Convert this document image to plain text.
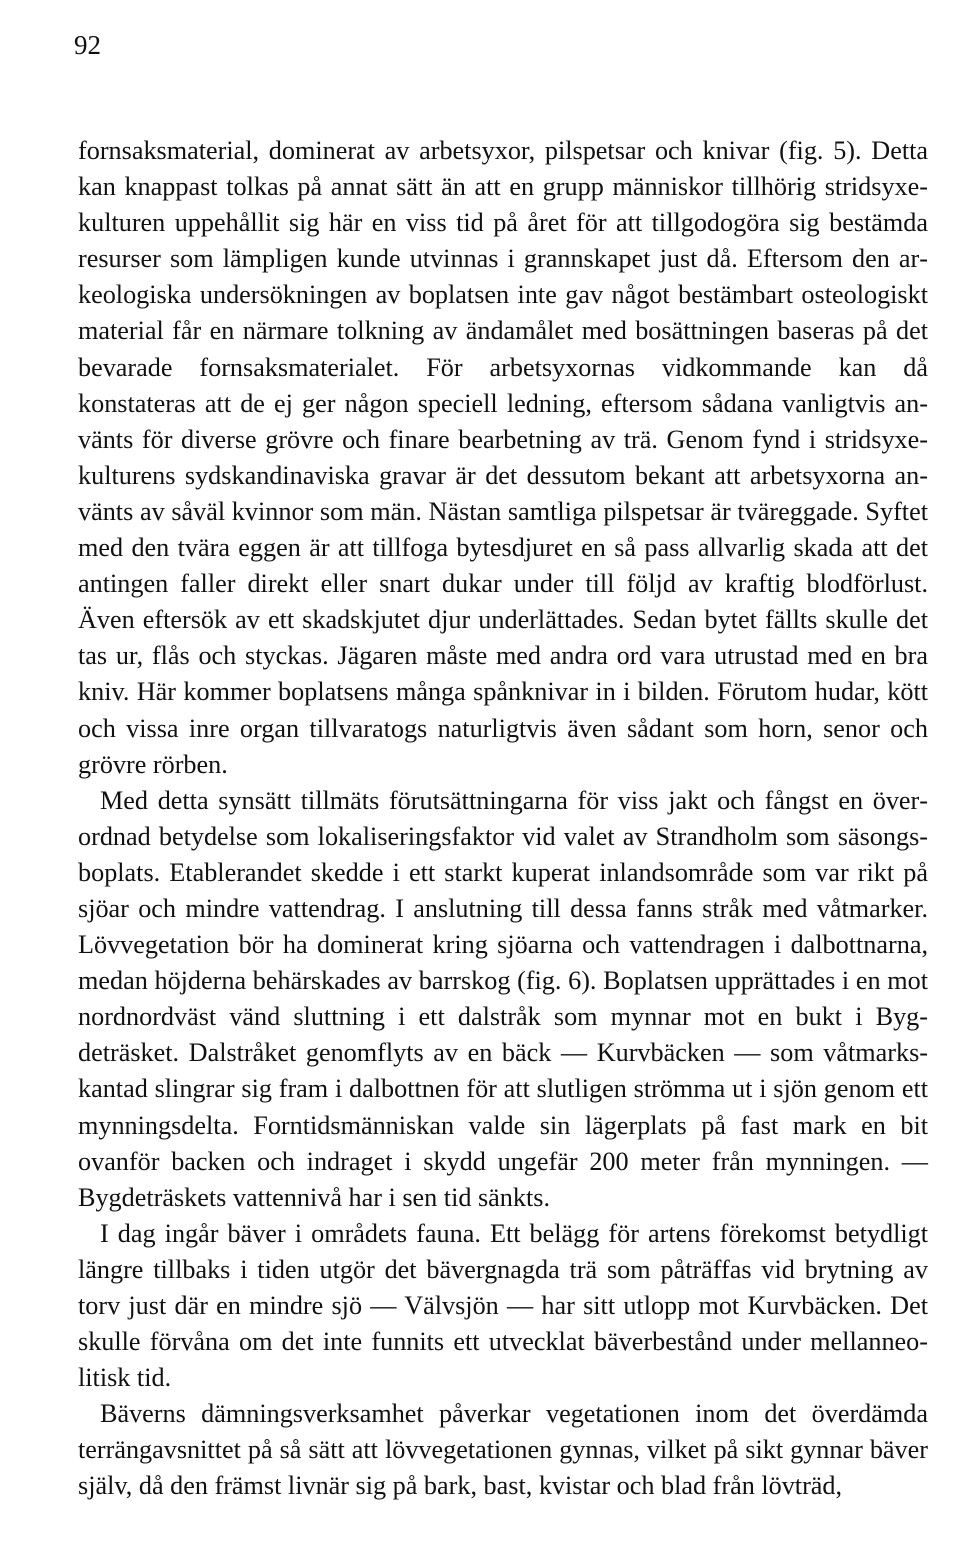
92

fornsaksmaterial, dominerat av arbetsyxor, pilspetsar och knivar (fig. 5). Detta kan knappast tolkas på annat sätt än att en grupp människor tillhörig stridsyxekulturen uppehållit sig här en viss tid på året för att tillgodogöra sig bestämda resurser som lämpligen kunde utvinnas i grannskapet just då. Eftersom den arkeologiska undersökningen av boplatsen inte gav något bestämbart osteologiskt material får en närmare tolkning av ändamålet med bosättningen baseras på det bevarade fornsaksmaterialet. För arbetsyxornas vidkommande kan då konstateras att de ej ger någon speciell ledning, eftersom sådana vanligtvis använts för diverse grövre och finare bearbetning av trä. Genom fynd i stridsyxekulturens sydskandinaviska gravar är det dessutom bekant att arbetsyxorna använts av såväl kvinnor som män. Nästan samtliga pilspetsar är tväreggade. Syftet med den tvära eggen är att tillfoga bytesdjuret en så pass allvarlig skada att det antingen faller direkt eller snart dukar under till följd av kraftig blodförlust. Även eftersök av ett skadskjutet djur underlättades. Sedan bytet fällts skulle det tas ur, flås och styckas. Jägaren måste med andra ord vara utrustad med en bra kniv. Här kommer boplatsens många spånknivar in i bilden. Förutom hudar, kött och vissa inre organ tillvaratogs naturligtvis även sådant som horn, senor och grövre rörben.

Med detta synsätt tillmäts förutsättningarna för viss jakt och fångst en överordnad betydelse som lokaliseringsfaktor vid valet av Strandholm som säsongsboplats. Etablerandet skedde i ett starkt kuperat inlandsområde som var rikt på sjöar och mindre vattendrag. I anslutning till dessa fanns stråk med våtmarker. Lövvegetation bör ha dominerat kring sjöarna och vattendragen i dalbottnarna, medan höjderna behärskades av barrskog (fig. 6). Boplatsen upprättades i en mot nordnordväst vänd sluttning i ett dalstråk som mynnar mot en bukt i Bygdeträsket. Dalstråket genomflyts av en bäck — Kurvbäcken — som våtmarkskantad slingrar sig fram i dalbottnen för att slutligen strömma ut i sjön genom ett mynningsdelta. Forntidsmänniskan valde sin lägerplats på fast mark en bit ovanför backen och indraget i skydd ungefär 200 meter från mynningen. — Bygdeträskets vattennivå har i sen tid sänkts.

I dag ingår bäver i områdets fauna. Ett belägg för artens förekomst betydligt längre tillbaks i tiden utgör det bävergnagda trä som påträffas vid brytning av torv just där en mindre sjö — Välvsjön — har sitt utlopp mot Kurvbäcken. Det skulle förvåna om det inte funnits ett utvecklat bäverbestånd under mellanneolitisk tid.

Bäverns dämningsverksamhet påverkar vegetationen inom det överdämda terrängavsnittet på så sätt att lövvegetationen gynnas, vilket på sikt gynnar bäver själv, då den främst livnär sig på bark, bast, kvistar och blad från lövträd,
